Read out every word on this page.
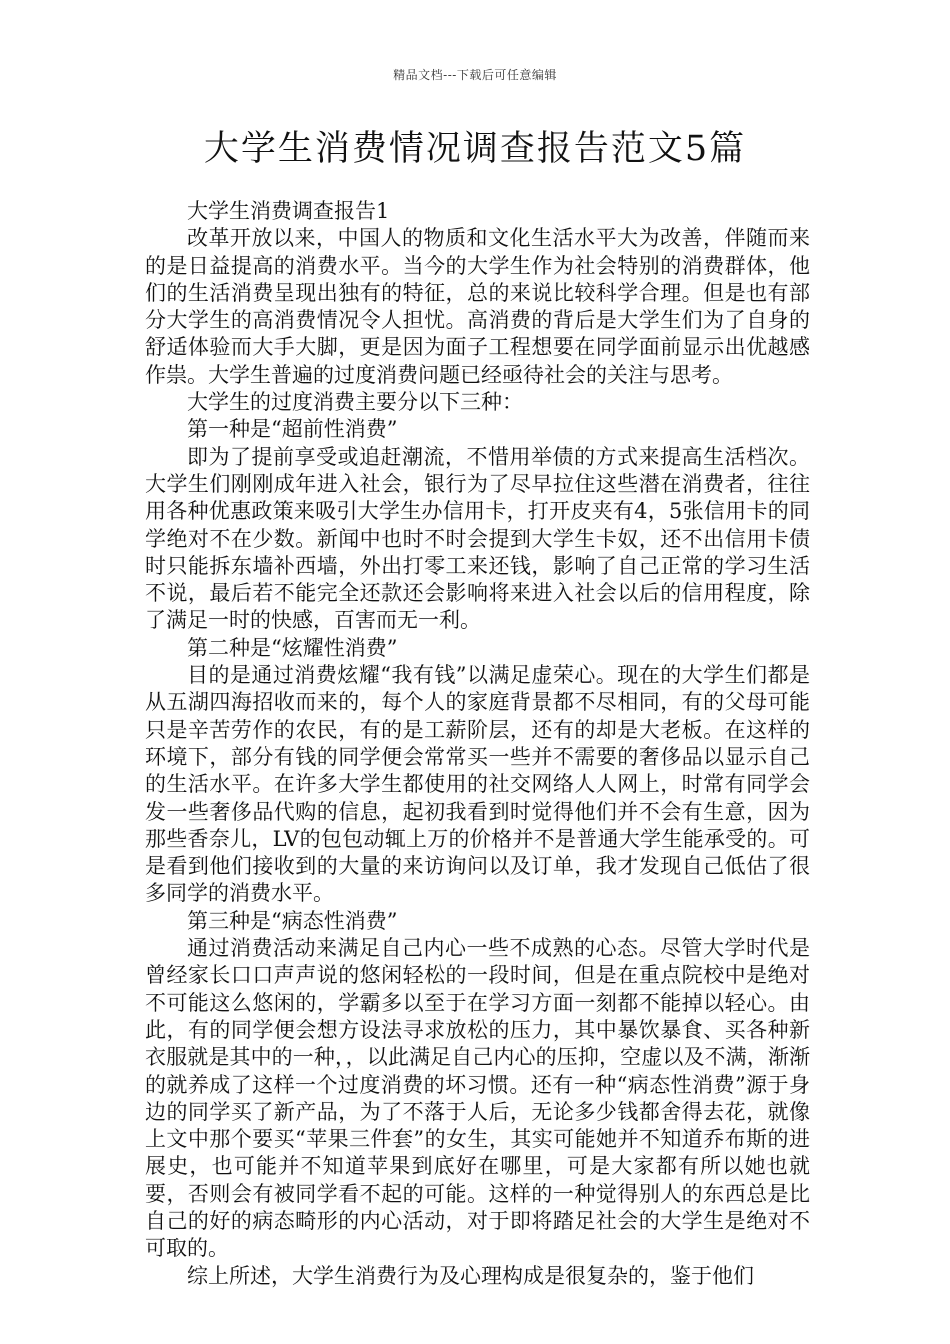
精品文档---下载后可任意编辑
大学生消费情况调查报告范文5篇

大学生消费调查报告1

改革开放以来，中国人的物质和文化生活水平大为改善，伴随而来的是日益提高的消费水平。当今的大学生作为社会特别的消费群体，他们的生活消费呈现出独有的特征，总的来说比较科学合理。但是也有部分大学生的高消费情况令人担忧。高消费的背后是大学生们为了自身的舒适体验而大手大脚，更是因为面子工程想要在同学面前显示出优越感作祟。大学生普遍的过度消费问题已经亟待社会的关注与思考。

大学生的过度消费主要分以下三种：

第一种是“超前性消费”

即为了提前享受或追赶潮流，不惜用举债的方式来提高生活档次。大学生们刚刚成年进入社会，银行为了尽早拉住这些潜在消费者，往往用各种优惠政策来吸引大学生办信用卡，打开皮夹有4，5张信用卡的同学绝对不在少数。新闻中也时不时会提到大学生卡奴，还不出信用卡债时只能拆东墙补西墙，外出打零工来还钱，影响了自己正常的学习生活不说，最后若不能完全还款还会影响将来进入社会以后的信用程度，除了满足一时的快感，百害而无一利。

第二种是“炫耀性消费”

目的是通过消费炫耀“我有钱”以满足虚荣心。现在的大学生们都是从五湖四海招收而来的，每个人的家庭背景都不尽相同，有的父母可能只是辛苦劳作的农民，有的是工薪阶层，还有的却是大老板。在这样的环境下，部分有钱的同学便会常常买一些并不需要的奢侈品以显示自己的生活水平。在许多大学生都使用的社交网络人人网上，时常有同学会发一些奢侈品代购的信息，起初我看到时觉得他们并不会有生意，因为那些香奈儿，LV的包包动辄上万的价格并不是普通大学生能承受的。可是看到他们接收到的大量的来访询问以及订单，我才发现自己低估了很多同学的消费水平。

第三种是“病态性消费”

通过消费活动来满足自己内心一些不成熟的心态。尽管大学时代是曾经家长口口声声说的悠闲轻松的一段时间，但是在重点院校中是绝对不可能这么悠闲的，学霸多以至于在学习方面一刻都不能掉以轻心。由此，有的同学便会想方设法寻求放松的压力，其中暴饮暴食、买各种新衣服就是其中的一种，，以此满足自己内心的压抑，空虚以及不满，渐渐的就养成了这样一个过度消费的坏习惯。还有一种“病态性消费”源于身边的同学买了新产品，为了不落于人后，无论多少钱都舍得去花，就像上文中那个要买“苹果三件套”的女生，其实可能她并不知道乔布斯的进展史，也可能并不知道苹果到底好在哪里，可是大家都有所以她也就要，否则会有被同学看不起的可能。这样的一种觉得别人的东西总是比自己的好的病态畸形的内心活动，对于即将踏足社会的大学生是绝对不可取的。

综上所述，大学生消费行为及心理构成是很复杂的，鉴于他们
